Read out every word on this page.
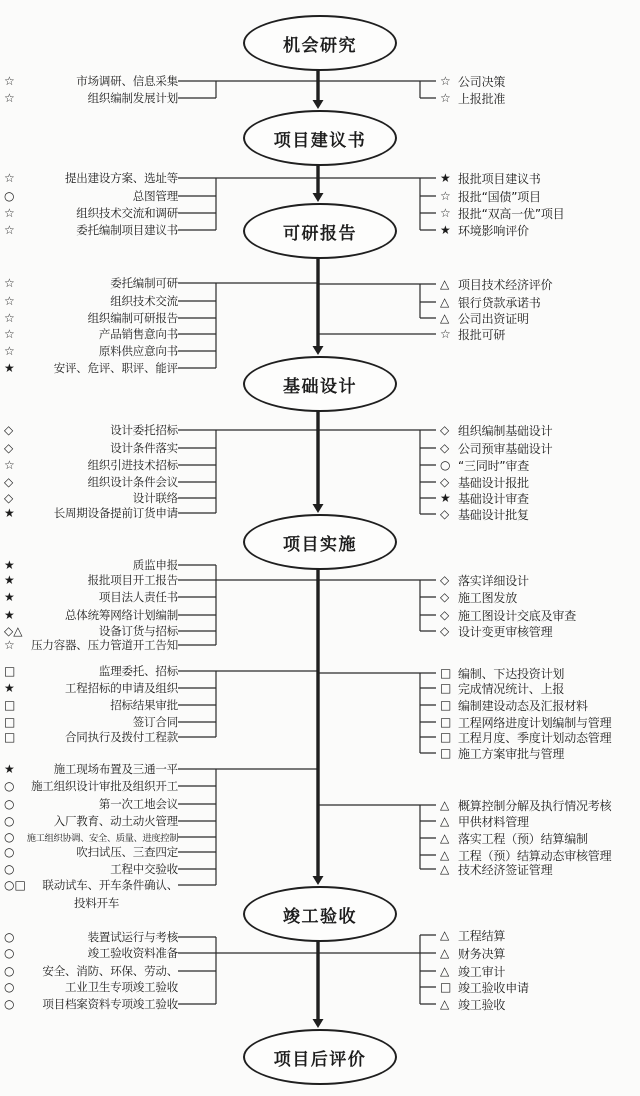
机会研究
项目建议书
可研报告
基础设计
项目实施
竣工验收
项目后评价
☆	市场调研、信息采集
☆	组织编制发展计划
☆ 公司决策
☆ 上报批准
☆	提出建设方案、选址等
○	总图管理
☆	组织技术交流和调研
☆	委托编制项目建议书
★ 报批项目建议书
☆ 报批“国债”项目
☆ 报批“双高一优”项目
★ 环境影响评价
☆	委托编制可研
☆	组织技术交流
☆	组织编制可研报告
☆	产品销售意向书
☆	原料供应意向书
★	安评、危评、职评、能评
△ 项目技术经济评价
△ 银行贷款承诺书
△ 公司出资证明
☆ 报批可研
◇	设计委托招标
◇	设计条件落实
☆	组织引进技术招标
◇	组织设计条件会议
◇	设计联络
★	长周期设备提前订货申请
◇ 组织编制基础设计
◇ 公司预审基础设计
○ “三同时”审查
◇ 基础设计报批
★ 基础设计审查
◇ 基础设计批复
★	质监申报
★	报批项目开工报告
★	项目法人责任书
★	总体统筹网络计划编制
◇△	设备订货与招标
☆	压力容器、压力管道开工告知
◇ 落实详细设计
◇ 施工图发放
◇ 施工图设计交底及审查
◇ 设计变更审核管理
□	监理委托、招标
★	工程招标的申请及组织
□	招标结果审批
□	签订合同
□	合同执行及拨付工程款
□ 编制、下达投资计划
□ 完成情况统计、上报
□ 编制建设动态及汇报材料
□ 工程网络进度计划编制与管理
□ 工程月度、季度计划动态管理
□ 施工方案审批与管理
★	施工现场布置及三通一平
○	施工组织设计审批及组织开工
○	第一次工地会议
○	入厂教育、动土动火管理
○	施工组织协调、安全、质量、进度控制
○	吹扫试压、三查四定
○	工程中交验收
○□	联动试车、开车条件确认、
投料开车
△ 概算控制分解及执行情况考核
△ 甲供材料管理
△ 落实工程（预）结算编制
△ 工程（预）结算动态审核管理
△ 技术经济签证管理
○	装置试运行与考核
○	竣工验收资料准备
○	安全、消防、环保、劳动、
○	工业卫生专项竣工验收
○	项目档案资料专项竣工验收
△ 工程结算
△ 财务决算
△ 竣工审计
□ 竣工验收申请
△ 竣工验收
